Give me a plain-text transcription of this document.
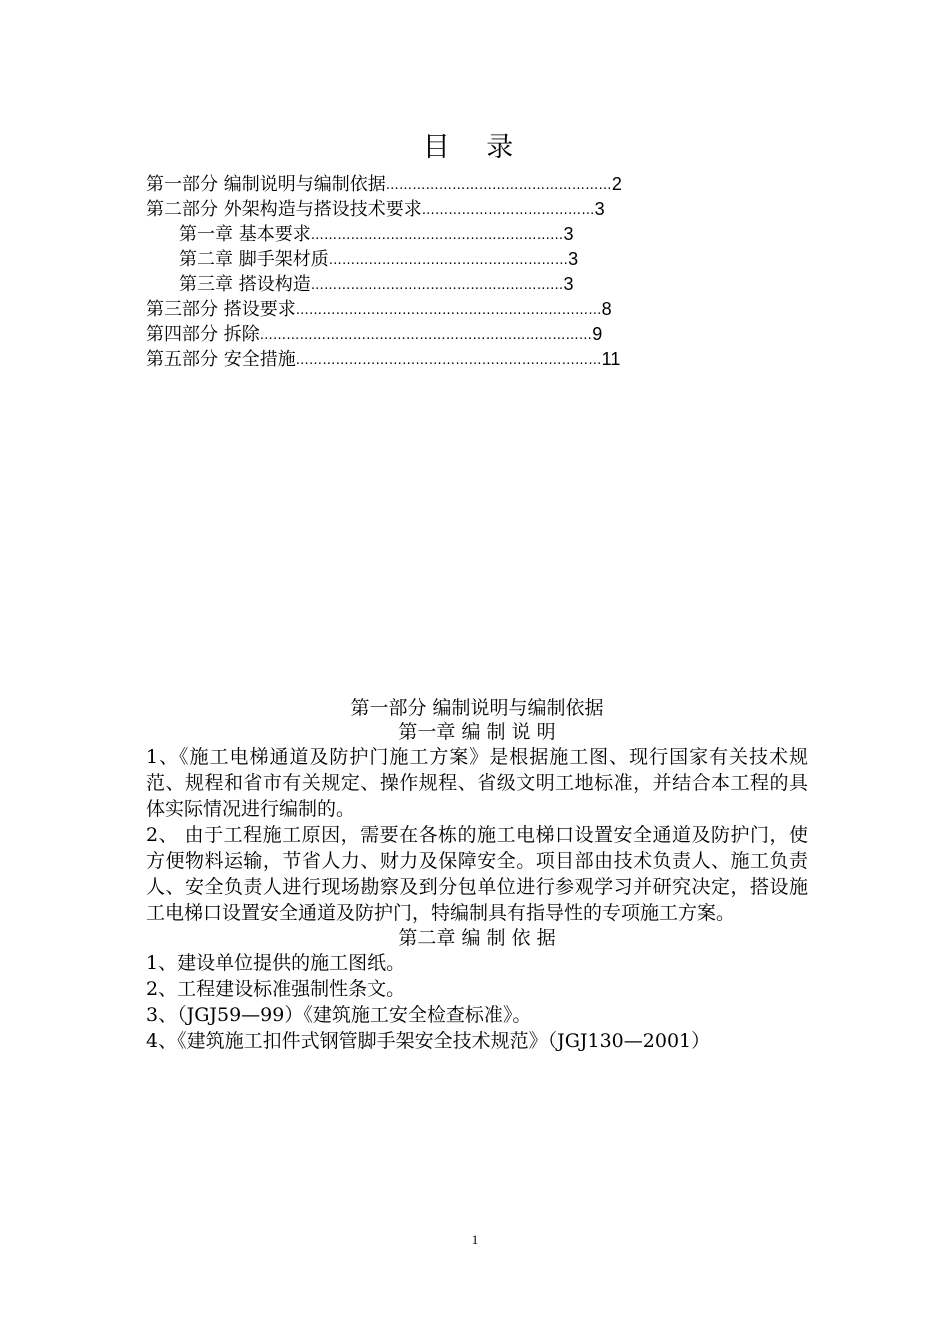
目 录
第一部分 编制说明与编制依据……………………………………………2
第二部分 外架构造与搭设技术要求…………………………………3
第一章 基本要求…………………………………………………3
第二章 脚手架材质………………………………………………3
第三章 搭设构造…………………………………………………3
第三部分 搭设要求……………………………………………………………8
第四部分 拆除…………………………………………………………………9
第五部分 安全措施……………………………………………………………11
第一部分 编制说明与编制依据
第一章 编 制 说 明

1、《施工电梯通道及防护门施工方案》是根据施工图、现行国家有关技术规范、规程和省市有关规定、操作规程、省级文明工地标准，并结合本工程的具体实际情况进行编制的。

2、 由于工程施工原因，需要在各栋的施工电梯口设置安全通道及防护门，使方便物料运输，节省人力、财力及保障安全。项目部由技术负责人、施工负责人、安全负责人进行现场勘察及到分包单位进行参观学习并研究决定，搭设施工电梯口设置安全通道及防护门，特编制具有指导性的专项施工方案。

第二章 编 制 依 据
1、建设单位提供的施工图纸。
2、工程建设标准强制性条文。
3、（JGJ59—99）《建筑施工安全检查标准》。
4、《建筑施工扣件式钢管脚手架安全技术规范》（JGJ130—2001）
1
